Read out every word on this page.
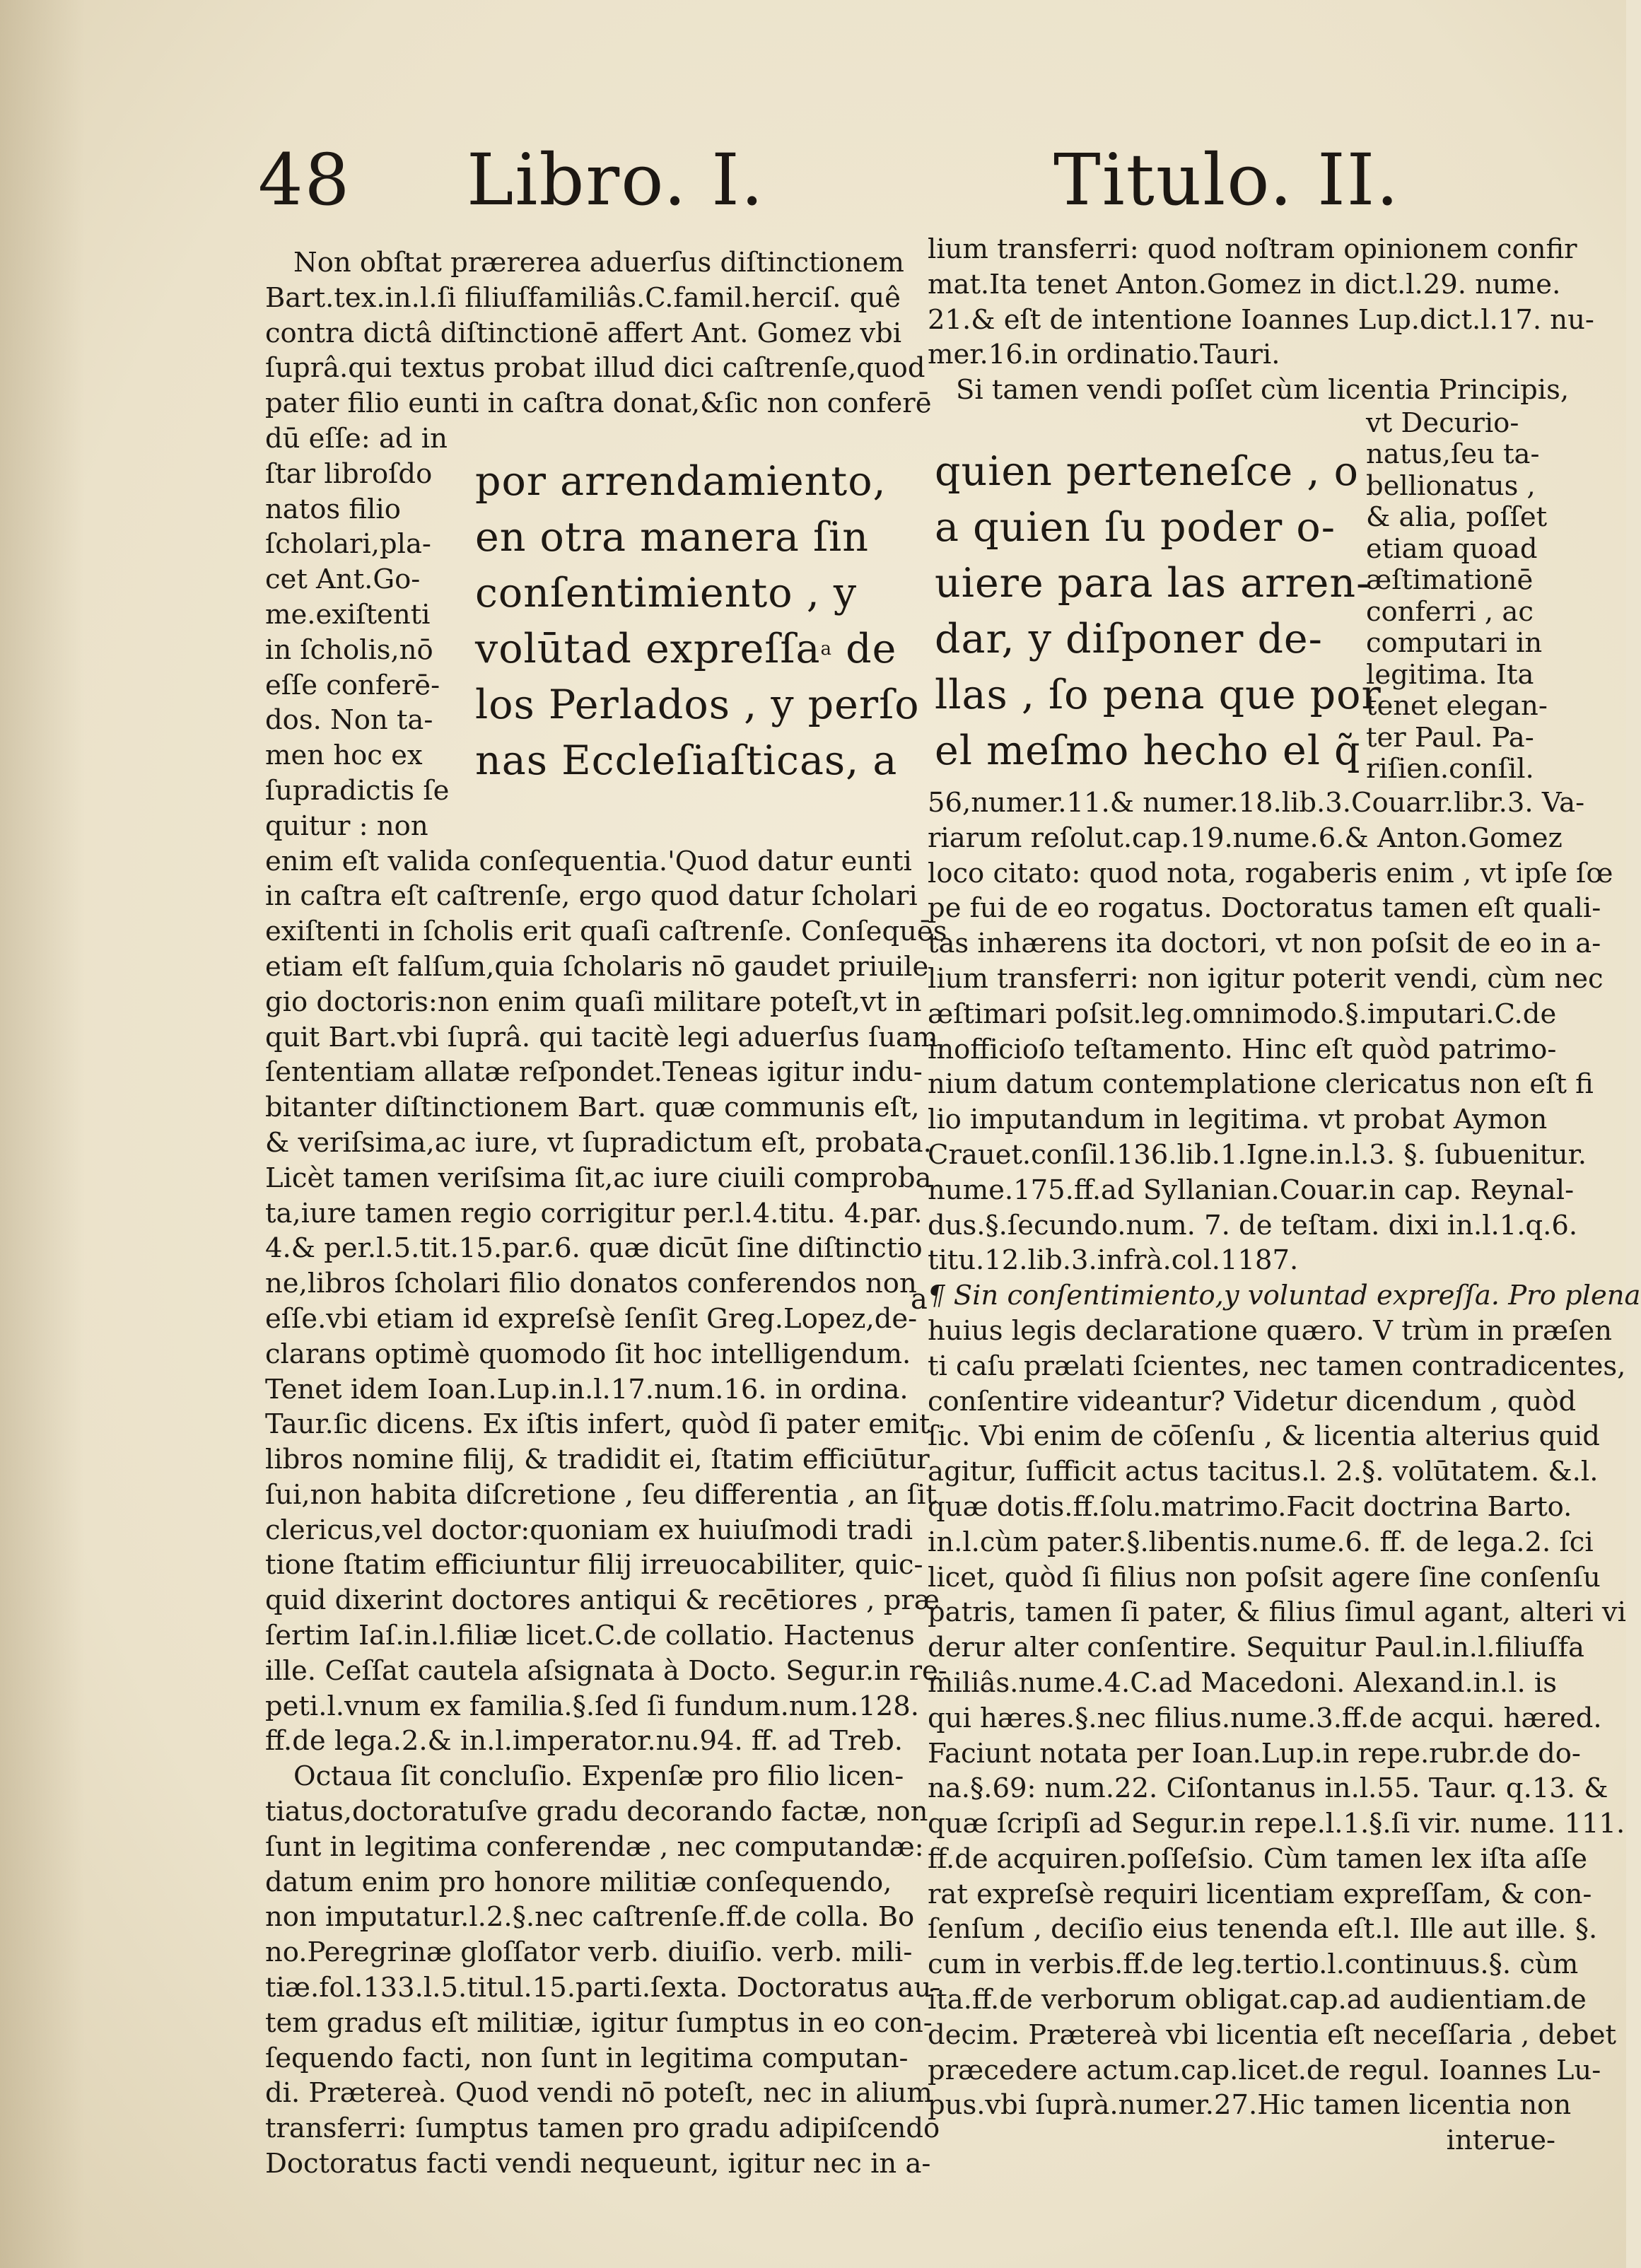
48 Libro. I.	Titulo. II.
Non obſtat prærerea aduerſus diſtinctionem
Bart.tex.in.l.ſi filiuſfamiliâs.C.famil.herciſ. quê
contra dictâ diſtinctionē affert Ant. Gomez vbi
ſuprâ.qui textus probat illud dici caſtrenſe,quod
pater filio eunti in caſtra donat,&ſic non conferē
dū eſſe: ad in
ſtar libroſdo
natos filio
ſcholari,pla-
cet Ant.Go-
me.exiſtenti
in ſcholis,nō
eſſe conferē-
dos. Non ta-
men hoc ex
ſupradictis ſe
quitur : non
enim eſt valida conſequentia.'Quod datur eunti
in caſtra eſt caſtrenſe, ergo quod datur ſcholari
exiſtenti in ſcholis erit quaſi caſtrenſe. Conſequēs
etiam eſt falſum,quia ſcholaris nō gaudet priuile
gio doctoris:non enim quaſi militare poteſt,vt in
quit Bart.vbi ſuprâ. qui tacitè legi aduerſus ſuam
ſententiam allatæ reſpondet.Teneas igitur indu-
bitanter diſtinctionem Bart. quæ communis eſt,
& veriſsima,ac iure, vt ſupradictum eſt, probata.
Licèt tamen veriſsima ſit,ac iure ciuili comproba
ta,iure tamen regio corrigitur per.l.4.titu. 4.par.
4.& per.l.5.tit.15.par.6. quæ dicūt ſine diſtinctio
ne,libros ſcholari filio donatos conferendos non
eſſe.vbi etiam id expreſsè ſenſit Greg.Lopez,de-
clarans optimè quomodo ſit hoc intelligendum.
Tenet idem Ioan.Lup.in.l.17.num.16. in ordina.
Taur.ſic dicens. Ex iſtis infert, quòd ſi pater emit
libros nomine filij, & tradidit ei, ſtatim efficiūtur
ſui,non habita diſcretione , ſeu differentia , an ſit
clericus,vel doctor:quoniam ex huiuſmodi tradi
tione ſtatim efficiuntur filij irreuocabiliter, quic-
quid dixerint doctores antiqui & recētiores , præ
ſertim Iaſ.in.l.filiæ licet.C.de collatio. Hactenus
ille. Ceſſat cautela aſsignata à Docto. Segur.in re-
peti.l.vnum ex familia.§.ſed ſi fundum.num.128.
ff.de lega.2.& in.l.imperator.nu.94. ff. ad Treb.
Octaua ſit concluſio. Expenſæ pro filio licen-
tiatus,doctoratuſve gradu decorando factæ, non
ſunt in legitima conferendæ , nec computandæ:
datum enim pro honore militiæ conſequendo,
non imputatur.l.2.§.nec caſtrenſe.ff.de colla. Bo
no.Peregrinæ gloſſator verb. diuiſio. verb. mili-
tiæ.fol.133.l.5.titul.15.parti.ſexta. Doctoratus au-
tem gradus eſt militiæ, igitur ſumptus in eo con-
ſequendo facti, non ſunt in legitima computan-
di. Prætereà. Quod vendi nō poteſt, nec in alium
transferri: ſumptus tamen pro gradu adipiſcendo
Doctoratus facti vendi nequeunt, igitur nec in a-
por arrendamiento,
en otra manera ſin
conſentimiento , y
volūtad expreſſa$^a$ de
los Perlados , y perſo
nas Eccleſiaſticas, a
quien perteneſce , o
a quien ſu poder o-
uiere para las arren-
dar, y diſponer de-
llas , ſo pena que por
el meſmo hecho el q̃
lium transferri: quod noſtram opinionem confir
mat.Ita tenet Anton.Gomez in dict.l.29. nume.
21.& eſt de intentione Ioannes Lup.dict.l.17. nu-
mer.16.in ordinatio.Tauri.
Si tamen vendi poſſet cùm licentia Principis,
vt Decurio-
natus,ſeu ta-
bellionatus ,
& alia, poſſet
etiam quoad
æſtimationē
conferri , ac
computari in
legitima. Ita
tenet elegan-
ter Paul. Pa-
riſien.conſil.
56,numer.11.& numer.18.lib.3.Couarr.libr.3. Va-
riarum reſolut.cap.19.nume.6.& Anton.Gomez
loco citato: quod nota, rogaberis enim , vt ipſe ſœ
pe fui de eo rogatus. Doctoratus tamen eſt quali-
tas inhærens ita doctori, vt non poſsit de eo in a-
lium transferri: non igitur poterit vendi, cùm nec
æſtimari poſsit.leg.omnimodo.§.imputari.C.de
inofficioſo teſtamento. Hinc eſt quòd patrimo-
nium datum contemplatione clericatus non eſt fi
lio imputandum in legitima. vt probat Aymon
Crauet.conſil.136.lib.1.Igne.in.l.3. §. ſubuenitur.
nume.175.ff.ad Syllanian.Couar.in cap. Reynal-
dus.§.ſecundo.num. 7. de teſtam. dixi in.l.1.q.6.
titu.12.lib.3.infrà.col.1187.
¶ Sin conſentimiento,y voluntad expreſſa. Pro plena
huius legis declaratione quæro. V trùm in præſen
ti caſu prælati ſcientes, nec tamen contradicentes,
conſentire videantur? Videtur dicendum , quòd
ſic. Vbi enim de cōſenſu , & licentia alterius quid
agitur, ſufficit actus tacitus.l. 2.§. volūtatem. &.l.
quæ dotis.ff.ſolu.matrimo.Facit doctrina Barto.
in.l.cùm pater.§.libentis.nume.6. ff. de lega.2. ſci
licet, quòd ſi filius non poſsit agere ſine conſenſu
patris, tamen ſi pater, & filius ſimul agant, alteri vi
derur alter conſentire. Sequitur Paul.in.l.filiuſfa
miliâs.nume.4.C.ad Macedoni. Alexand.in.l. is
qui hæres.§.nec filius.nume.3.ff.de acqui. hæred.
Faciunt notata per Ioan.Lup.in repe.rubr.de do-
na.§.69: num.22. Ciſontanus in.l.55. Taur. q.13. &
quæ ſcripſi ad Segur.in repe.l.1.§.ſi vir. nume. 111.
ff.de acquiren.poſſeſsio. Cùm tamen lex iſta aſſe
rat expreſsè requiri licentiam expreſſam, & con-
ſenſum , deciſio eius tenenda eſt.l. Ille aut ille. §.
cum in verbis.ff.de leg.tertio.l.continuus.§. cùm
ita.ff.de verborum obligat.cap.ad audientiam.de
decim. Prætereà vbi licentia eſt neceſſaria , debet
præcedere actum.cap.licet.de regul. Ioannes Lu-
pus.vbi ſuprà.numer.27.Hic tamen licentia non
interue-
a
